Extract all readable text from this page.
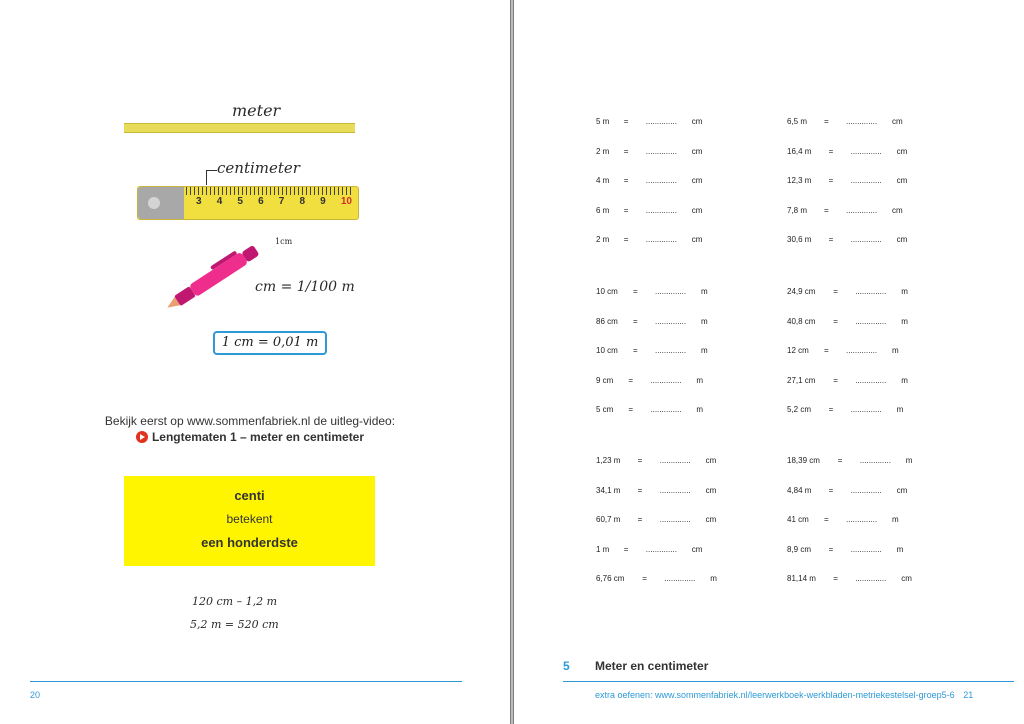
meter
centimeter
3 4 5 6 7 8 9 10
1cm
cm = 1/100 m
1 cm = 0,01 m
Bekijk eerst op www.sommenfabriek.nl de uitleg-video:
Lengtematen 1 – meter en centimeter
centi
betekent
een honderdste
120 cm – 1,2 m
5,2 m = 520 cm
20
5 m = .............. cm
2 m = .............. cm
4 m = .............. cm
6 m = .............. cm
2 m = .............. cm
6,5 m = .............. cm
16,4 m = .............. cm
12,3 m = .............. cm
7,8 m = .............. cm
30,6 m = .............. cm
10 cm = .............. m
86 cm = .............. m
10 cm = .............. m
9 cm = .............. m
5 cm = .............. m
24,9 cm = .............. m
40,8 cm = .............. m
12 cm = .............. m
27,1 cm = .............. m
5,2 cm = .............. m
1,23 m = .............. cm
34,1 m = .............. cm
60,7 m = .............. cm
1 m = .............. cm
6,76 cm = .............. m
18,39 cm = .............. m
4,84 m = .............. cm
41 cm = .............. m
8,9 cm = .............. m
81,14 m = .............. cm
5 Meter en centimeter
extra oefenen: www.sommenfabriek.nl/leerwerkboek-werkbladen-metriekestelsel-groep5-6 21
